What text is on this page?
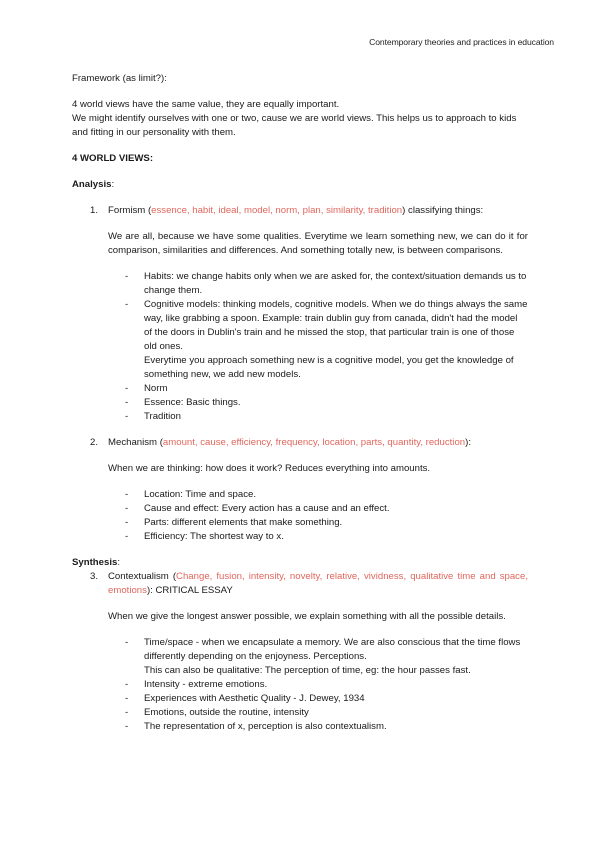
Contemporary theories and practices in education

Framework (as limit?):

4 world views have the same value, they are equally important.

We might identify ourselves with one or two, cause we are world views. This helps us to approach to kids and fitting in our personality with them.

4 WORLD VIEWS:

Analysis:

1. Formism (essence, habit, ideal, model, norm, plan, similarity, tradition) classifying things:

We are all, because we have some qualities. Everytime we learn something new, we can do it for comparison, similarities and differences. And something totally new, is between comparisons.

- Habits: we change habits only when we are asked for, the context/situation demands us to change them.
- Cognitive models: thinking models, cognitive models. When we do things always the same way, like grabbing a spoon. Example: train dublin guy from canada, didn't had the model of the doors in Dublin's train and he missed the stop, that particular train is one of those old ones.
Everytime you approach something new is a cognitive model, you get the knowledge of something new, we add new models.
- Norm
- Essence: Basic things.
- Tradition

2. Mechanism (amount, cause, efficiency, frequency, location, parts, quantity, reduction):

When we are thinking: how does it work? Reduces everything into amounts.

- Location: Time and space.
- Cause and effect: Every action has a cause and an effect.
- Parts: different elements that make something.
- Efficiency: The shortest way to x.

Synthesis:

3. Contextualism (Change, fusion, intensity, novelty, relative, vividness, qualitative time and space, emotions): CRITICAL ESSAY

When we give the longest answer possible, we explain something with all the possible details.

- Time/space - when we encapsulate a memory. We are also conscious that the time flows differently depending on the enjoyness. Perceptions.
This can also be qualitative: The perception of time, eg: the hour passes fast.
- Intensity - extreme emotions.
- Experiences with Aesthetic Quality - J. Dewey, 1934
- Emotions, outside the routine, intensity
- The representation of x, perception is also contextualism.
